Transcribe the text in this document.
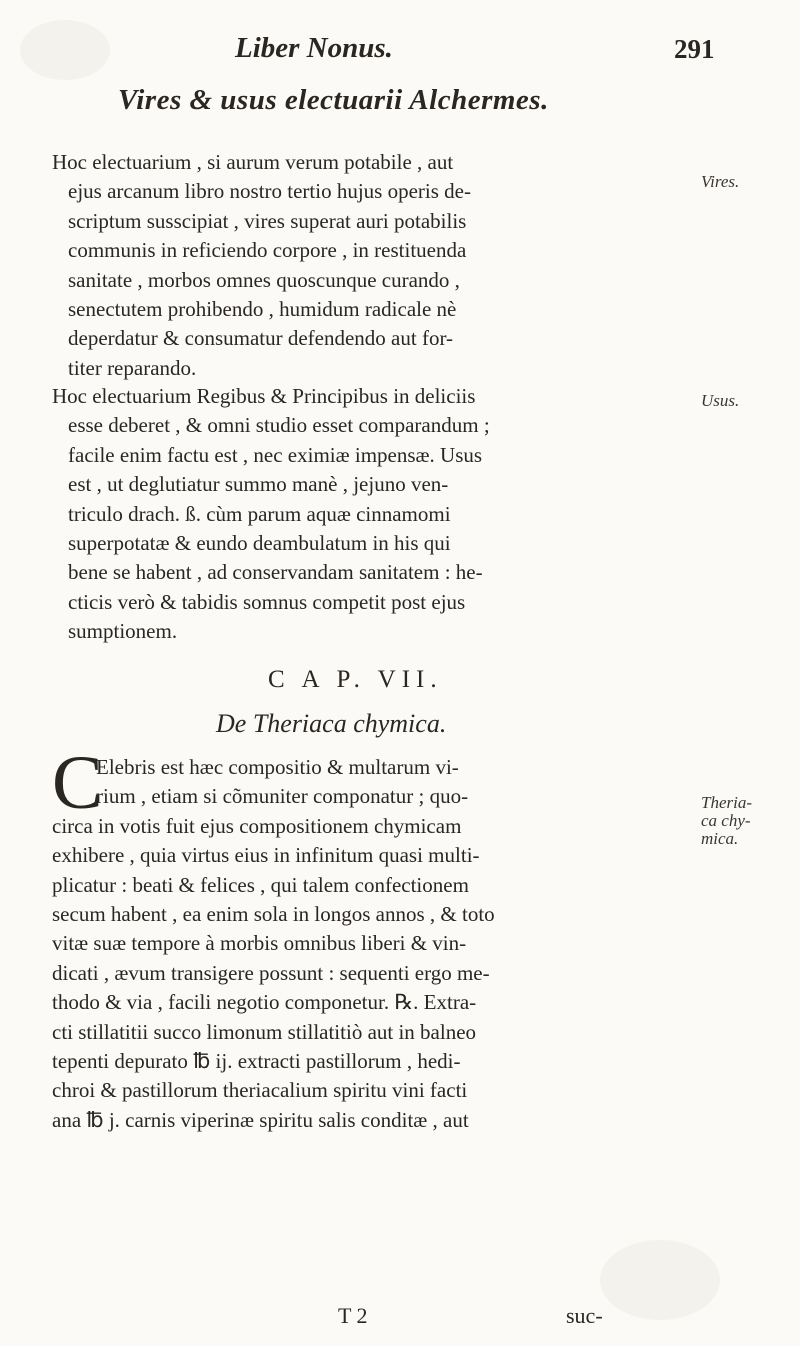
Liber Nonus.	291
Vires & usus electuarii Alchermes.
Hoc electuarium , si aurum verum potabile , aut
ejus arcanum libro nostro tertio hujus operis de-
scriptum susscipiat , vires superat auri potabilis
communis in reficiendo corpore , in restituenda
sanitate , morbos omnes quoscunque curando ,
senectutem prohibendo , humidum radicale nè
deperdatur & consumatur defendendo aut for-
titer reparando.
Hoc electuarium Regibus & Principibus in deliciis
esse deberet , & omni studio esset comparandum ;
facile enim factu est , nec eximiæ impensæ. Usus
est , ut deglutiatur summo manè , jejuno ven-
triculo drach. ß. cùm parum aquæ cinnamomi
superpotatæ & eundo deambulatum in his qui
bene se habent , ad conservandam sanitatem : he-
cticis verò & tabidis somnus competit post ejus
sumptionem.
C A P. VII.
De Theriaca chymica.
C
Elebris est hæc compositio & multarum vi-
rium , etiam si cõmuniter componatur ; quo-
circa in votis fuit ejus compositionem chymicam
exhibere , quia virtus eius in infinitum quasi multi-
plicatur : beati & felices , qui talem confectionem
secum habent , ea enim sola in longos annos , & toto
vitæ suæ tempore à morbis omnibus liberi & vin-
dicati , ævum transigere possunt : sequenti ergo me-
thodo & via , facili negotio componetur. ℞. Extra-
cti stillatitii succo limonum stillatitiò aut in balneo
tepenti depurato ℔ ij. extracti pastillorum , hedi-
chroi & pastillorum theriacalium spiritu vini facti
ana ℔ j. carnis viperinæ spiritu salis conditæ , aut
Vires.
Usus.
Theria-
ca chy-
mica.
T 2	suc-
